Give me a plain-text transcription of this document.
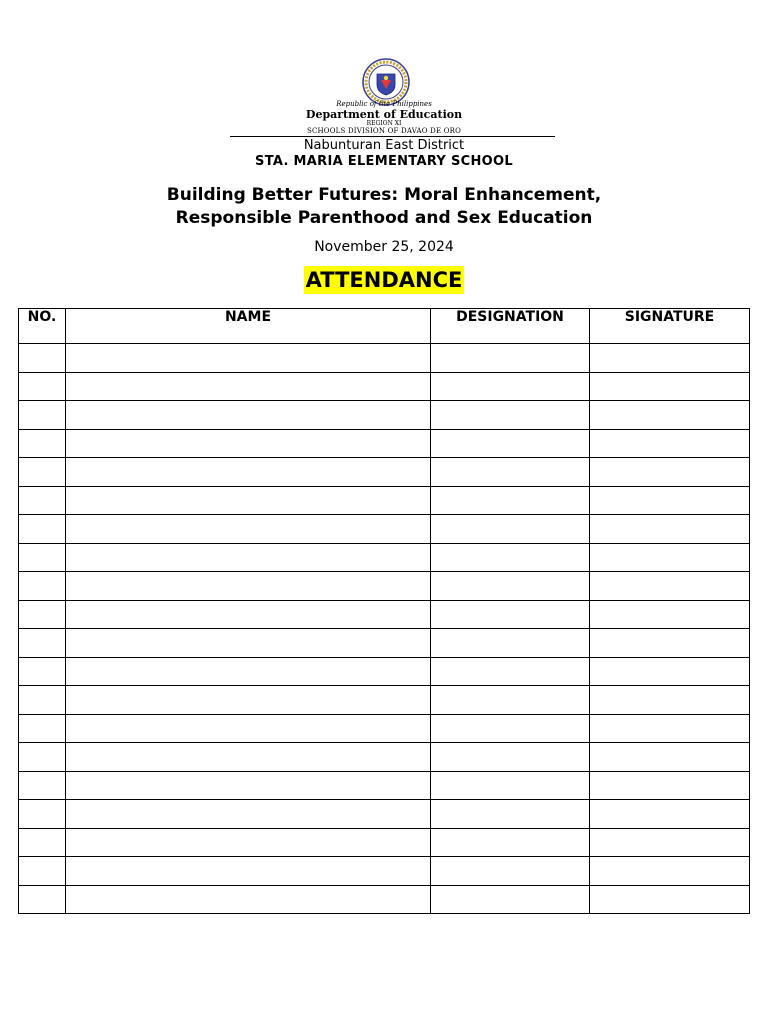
Republic of the Philippines
Department of Education
REGION XI
SCHOOLS DIVISION OF DAVAO DE ORO
Nabunturan East District
STA. MARIA ELEMENTARY SCHOOL
Building Better Futures: Moral Enhancement,
Responsible Parenthood and Sex Education
November 25, 2024
ATTENDANCE
NO.	NAME	DESIGNATION	SIGNATURE
